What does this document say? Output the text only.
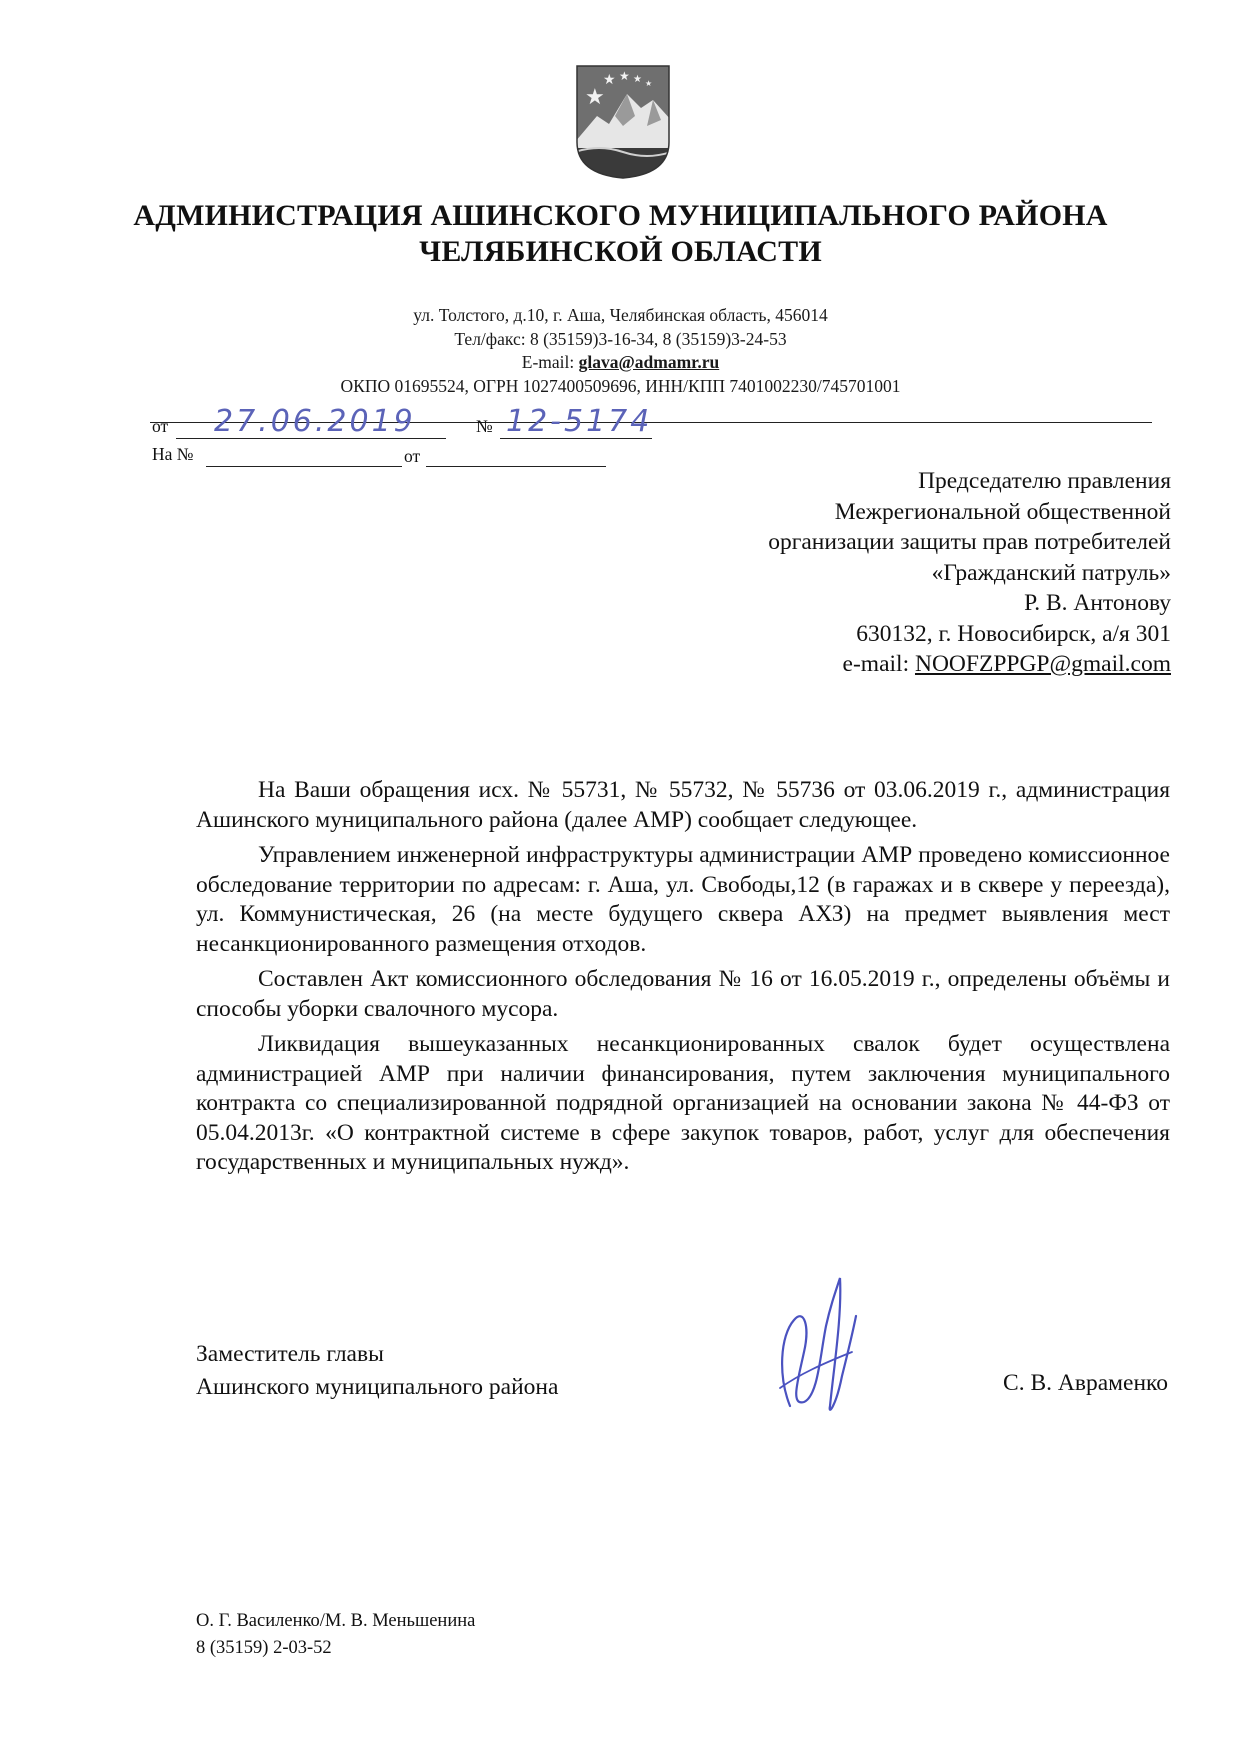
★
★ ★ ★ ★
АДМИНИСТРАЦИЯ АШИНСКОГО МУНИЦИПАЛЬНОГО РАЙОНА
ЧЕЛЯБИНСКОЙ ОБЛАСТИ
ул. Толстого, д.10, г. Аша, Челябинская область, 456014
Тел/факс: 8 (35159)3-16-34, 8 (35159)3-24-53
E-mail: glava@admamr.ru
ОКПО 01695524, ОГРН 1027400509696, ИНН/КПП 7401002230/745701001
от 27.06.2019	№ 12-5174
На №	от
Председателю правления
Межрегиональной общественной
организации защиты прав потребителей
«Гражданский патруль»
Р. В. Антонову
630132, г. Новосибирск, а/я 301
e-mail: NOOFZPPGP@gmail.com

На Ваши обращения исх. № 55731, № 55732, № 55736 от 03.06.2019 г., администрация Ашинского муниципального района (далее АМР) сообщает следующее.

Управлением инженерной инфраструктуры администрации АМР проведено комиссионное обследование территории по адресам: г. Аша, ул. Свободы,12 (в гаражах и в сквере у переезда), ул. Коммунистическая, 26 (на месте будущего сквера АХЗ) на предмет выявления мест несанкционированного размещения отходов.

Составлен Акт комиссионного обследования № 16 от 16.05.2019 г., определены объёмы и способы уборки свалочного мусора.

Ликвидация вышеуказанных несанкционированных свалок будет осуществлена администрацией АМР при наличии финансирования, путем заключения муниципального контракта со специализированной подрядной организацией на основании закона № 44-ФЗ от 05.04.2013г. «О контрактной системе в сфере закупок товаров, работ, услуг для обеспечения государственных и муниципальных нужд».

Заместитель главы
Ашинского муниципального района	С. В. Авраменко
О. Г. Василенко/М. В. Меньшенина
8 (35159) 2-03-52
